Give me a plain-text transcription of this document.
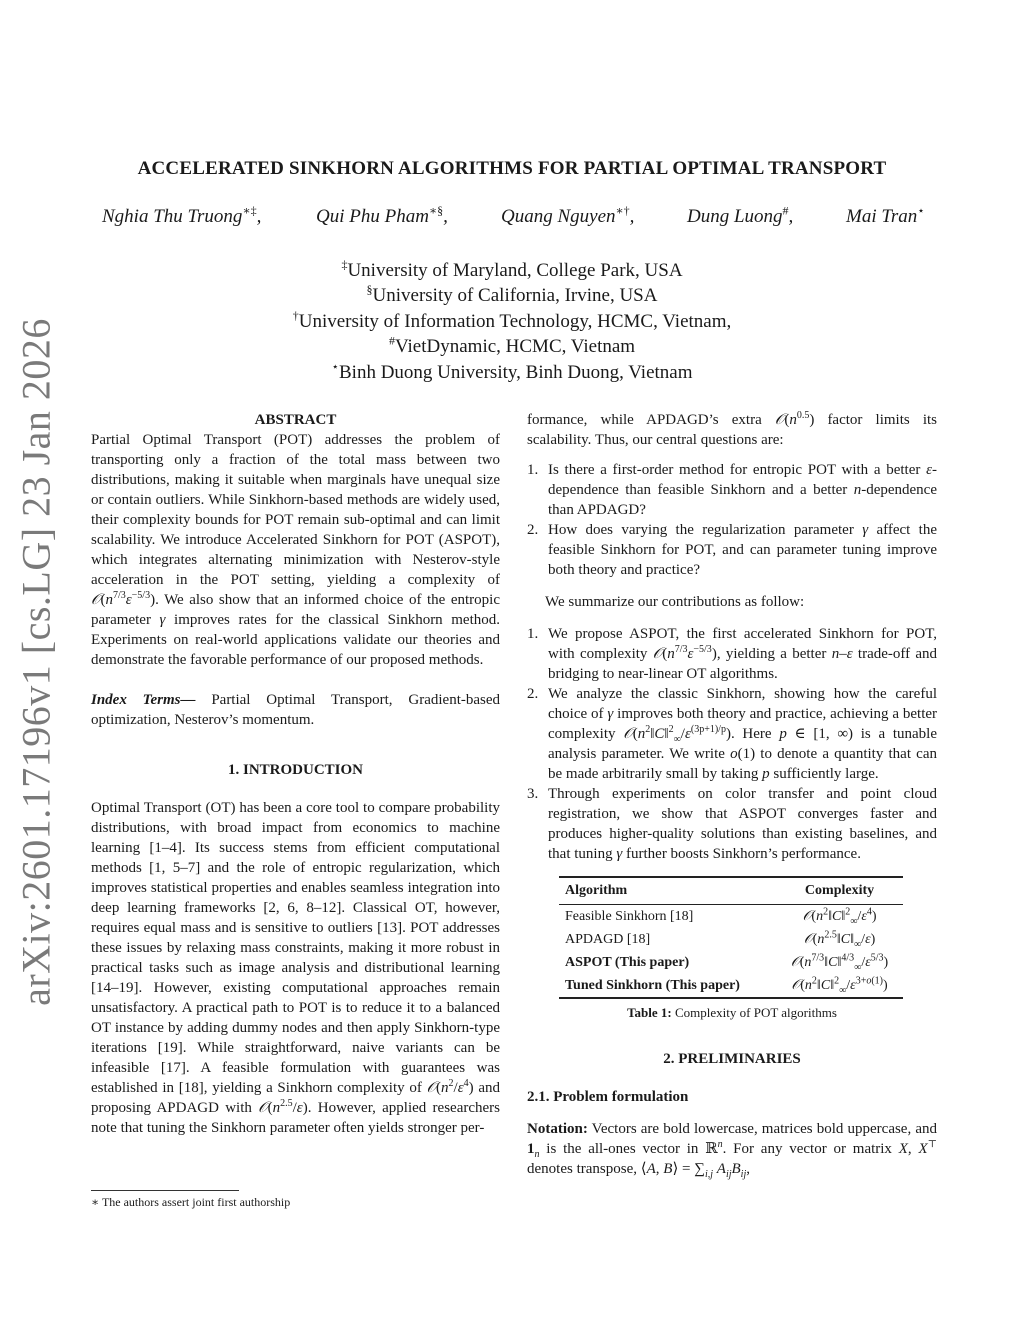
arXiv:2601.17196v1 [cs.LG] 23 Jan 2026
ACCELERATED SINKHORN ALGORITHMS FOR PARTIAL OPTIMAL TRANSPORT
Nghia Thu Truong∗‡,	Qui Phu Pham∗§,	Quang Nguyen∗†,	Dung Luong#,	Mai Tran⋆
‡University of Maryland, College Park, USA
§University of California, Irvine, USA
†University of Information Technology, HCMC, Vietnam,
#VietDynamic, HCMC, Vietnam
⋆Binh Duong University, Binh Duong, Vietnam
ABSTRACT

Partial Optimal Transport (POT) addresses the problem of transporting only a fraction of the total mass between two distributions, making it suitable when marginals have unequal size or contain outliers. While Sinkhorn-based methods are widely used, their complexity bounds for POT remain sub-optimal and can limit scalability. We introduce Accelerated Sinkhorn for POT (ASPOT), which integrates alternating minimization with Nesterov-style acceleration in the POT setting, yielding a complexity of $𝒪(n^{7/3}\varepsilon^{-5/3})$. We also show that an informed choice of the entropic parameter γ improves rates for the classical Sinkhorn method. Experiments on real-world applications validate our theories and demonstrate the favorable performance of our proposed methods.

Index Terms— Partial Optimal Transport, Gradient-based optimization, Nesterov’s momentum.

1. INTRODUCTION

Optimal Transport (OT) has been a core tool to compare probability distributions, with broad impact from economics to machine learning [1–4]. Its success stems from efficient computational methods [1, 5–7] and the role of entropic regularization, which improves statistical properties and enables seamless integration into deep learning frameworks [2, 6, 8–12]. Classical OT, however, requires equal mass and is sensitive to outliers [13]. POT addresses these issues by relaxing mass constraints, making it more robust in practical tasks such as image analysis and distributional learning [14–19]. However, existing computational approaches remain unsatisfactory. A practical path to POT is to reduce it to a balanced OT instance by adding dummy nodes and then apply Sinkhorn-type iterations [19]. While straightforward, naive variants can be infeasible [17]. A feasible formulation with guarantees was established in [18], yielding a Sinkhorn complexity of $𝒪(n^2/\varepsilon^4)$ and proposing APDAGD with $𝒪(n^{2.5}/\varepsilon)$. However, applied researchers note that tuning the Sinkhorn parameter often yields stronger per-

∗ The authors assert joint first authorship

formance, while APDAGD’s extra $𝒪(n^{0.5})$ factor limits its scalability. Thus, our central questions are:

1. Is there a first-order method for entropic POT with a better ε-dependence than feasible Sinkhorn and a better n-dependence than APDAGD?
2. How does varying the regularization parameter γ affect the feasible Sinkhorn for POT, and can parameter tuning improve both theory and practice?

We summarize our contributions as follow:

1. We propose ASPOT, the first accelerated Sinkhorn for POT, with complexity $𝒪(n^{7/3}\varepsilon^{-5/3})$, yielding a better n–ε trade-off and bridging to near-linear OT algorithms.
2. We analyze the classic Sinkhorn, showing how the careful choice of γ improves both theory and practice, achieving a better complexity $𝒪(n^2‖C‖^2_\infty/\varepsilon^{(3p+1)/p})$. Here p ∈ [1, ∞) is a tunable analysis parameter. We write o(1) to denote a quantity that can be made arbitrarily small by taking p sufficiently large.
3. Through experiments on color transfer and point cloud registration, we show that ASPOT converges faster and produces higher-quality solutions than existing baselines, and that tuning γ further boosts Sinkhorn’s performance.
Algorithm	Complexity
Feasible Sinkhorn [18]	$𝒪(n^2‖C‖^2_\infty/\varepsilon^4)$
APDAGD [18]	$𝒪(n^{2.5}‖C‖_\infty/\varepsilon)$
ASPOT (This paper)	$𝒪(n^{7/3}‖C‖^{4/3}_\infty/\varepsilon^{5/3})$
Tuned Sinkhorn (This paper)	$𝒪(n^2‖C‖^2_\infty/\varepsilon^{3+o(1)})$
Table 1: Complexity of POT algorithms
2. PRELIMINARIES

2.1. Problem formulation

Notation: Vectors are bold lowercase, matrices bold uppercase, and $1_n$ is the all-ones vector in ℝ$^n$. For any vector or matrix X, X⊤ denotes transpose, ⟨A, B⟩ = $\sum_{i,j}$ $A_{ij}B_{ij}$,
